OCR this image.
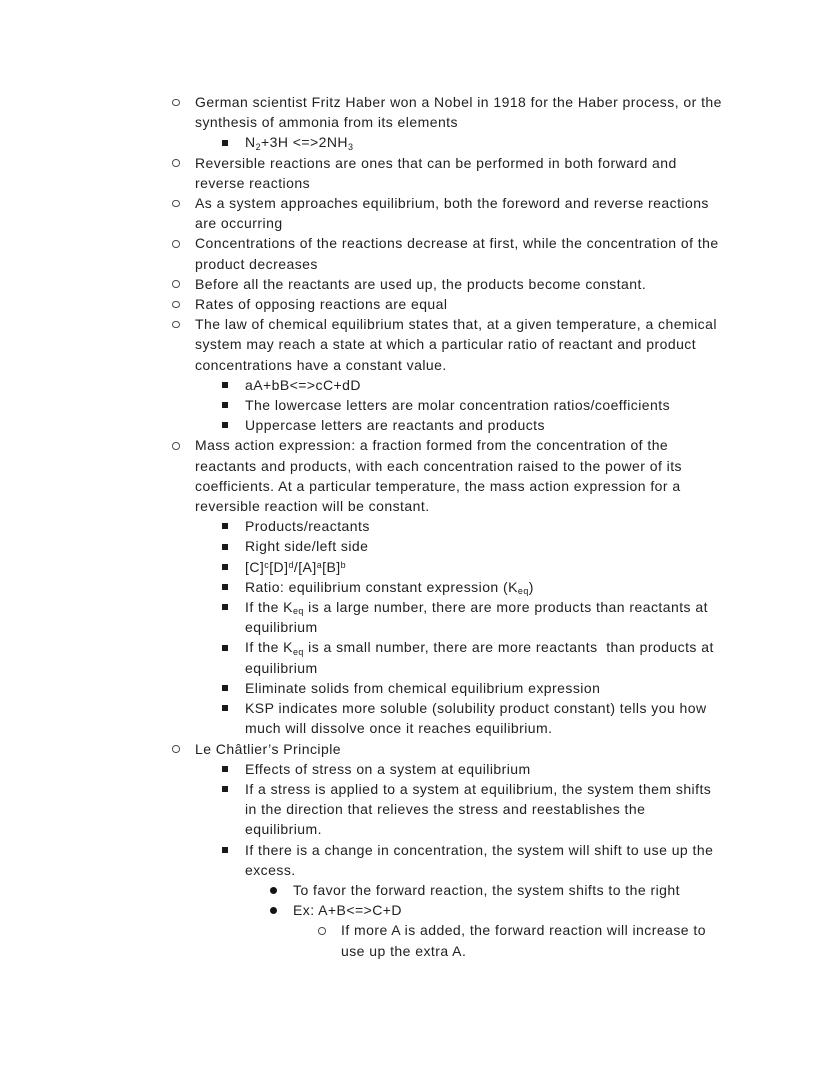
German scientist Fritz Haber won a Nobel in 1918 for the Haber process, or the synthesis of ammonia from its elements

N2+3H <=>2NH3

Reversible reactions are ones that can be performed in both forward and reverse reactions

As a system approaches equilibrium, both the foreword and reverse reactions are occurring

Concentrations of the reactions decrease at first, while the concentration of the product decreases

Before all the reactants are used up, the products become constant.

Rates of opposing reactions are equal

The law of chemical equilibrium states that, at a given temperature, a chemical system may reach a state at which a particular ratio of reactant and product concentrations have a constant value.

aA+bB<=>cC+dD

The lowercase letters are molar concentration ratios/coefficients

Uppercase letters are reactants and products

Mass action expression: a fraction formed from the concentration of the reactants and products, with each concentration raised to the power of its coefficients. At a particular temperature, the mass action expression for a reversible reaction will be constant.

Products/reactants

Right side/left side

$[C]^c[D]^d/[A]^a[B]^b$

Ratio: equilibrium constant expression (Keq)

If the Keq is a large number, there are more products than reactants at equilibrium

If the Keq is a small number, there are more reactants  than products at equilibrium

Eliminate solids from chemical equilibrium expression

KSP indicates more soluble (solubility product constant) tells you how much will dissolve once it reaches equilibrium.

Le Châtlier’s Principle

Effects of stress on a system at equilibrium

If a stress is applied to a system at equilibrium, the system them shifts in the direction that relieves the stress and reestablishes the equilibrium.

If there is a change in concentration, the system will shift to use up the excess.

To favor the forward reaction, the system shifts to the right

Ex: A+B<=>C+D

If more A is added, the forward reaction will increase to use up the extra A.
